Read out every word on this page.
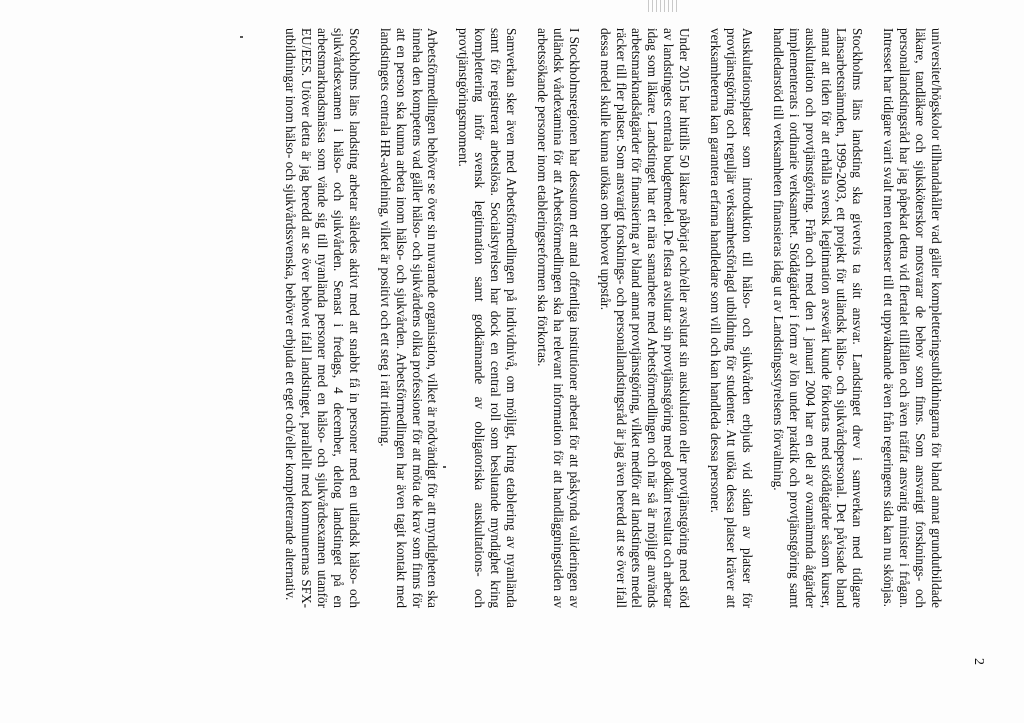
2

universitet/högskolor tillhandahåller vad gäller kompletteringsutbildningarna för bland annat grundutbildade läkare, tandläkare och sjuksköterskor motsvarar de behov som finns. Som ansvarigt forsknings- och personallandstingsråd har jag påpekat detta vid flertalet tillfällen och även träffat ansvarig minister i frågan. Intresset har tidigare varit svalt men tendenser till ett uppvaknande även från regeringens sida kan nu skönjas.

Stockholms läns landsting ska givetvis ta sitt ansvar. Landstinget drev i samverkan med tidigare Länsarbetsnämnden, 1999-2003, ett projekt för utländsk hälso- och sjukvårdspersonal. Det påvisade bland annat att tiden för att erhålla svensk legitimation avsevärt kunde förkortas med stödåtgärder såsom kurser, auskultation och provtjänstgöring. Från och med den 1 januari 2004 har en del av ovannämnda åtgärder implementerats i ordinarie verksamhet. Stödåtgärder i form av lön under praktik och provtjänstgöring samt handledarstöd till verksamheten finansieras idag ut av Landstingsstyrelsens förvaltning.

Auskultationsplatser som introduktion till hälso- och sjukvården erbjuds vid sidan av platser för provtjänstgöring och reguljär verksamhetsförlagd utbildning för studenter. Att utöka dessa platser kräver att verksamheterna kan garantera erfarna handledare som vill och kan handleda dessa personer.

Under 2015 har hittills 50 läkare påbörjat och/eller avslutat sin auskultation eller provtjänstgöring med stöd av landstingets centrala budgetmedel. De flesta avslutar sin provtjänstgöring med godkänt resultat och arbetar idag som läkare. Landstinget har ett nära samarbete med Arbetsförmedlingen och när så är möjligt används arbetsmarknadsåtgärder för finansiering av bland annat provtjänstgöring, vilket medför att landstingets medel räcker till fler platser. Som ansvarigt forsknings- och personallandstingsråd är jag även beredd att se över ifall dessa medel skulle kunna utökas om behovet uppstår.

I Stockholmsregionen har dessutom ett antal offentliga institutioner arbetat för att påskynda valideringen av utländsk vårdexamina för att Arbetsförmedlingen ska ha relevant information för att handläggningstiden av arbetssökande personer inom etableringsreformen ska förkortas.

Samverkan sker även med Arbetsförmedlingen på individnivå, om möjligt, kring etablering av nyanlända samt för registrerat arbetslösa. Socialstyrelsen har dock en central roll som beslutande myndighet kring komplettering inför svensk legitimation samt godkännande av obligatoriska auskultations- och provtjänstgöringsmoment.

Arbetsförmedlingen behöver se över sin nuvarande organisation, vilket är nödvändigt för att myndigheten ska inneha den kompetens vad gäller hälso- och sjukvårdens olika professioner för att möta de krav som finns för att en person ska kunna arbeta inom hälso- och sjukvården. Arbetsförmedlingen har även tagit kontakt med landstingets centrala HR-avdelning, vilket är positivt och ett steg i rätt riktning.

Stockholms läns landsting arbetar således aktivt med att snabbt få in personer med en utländsk hälso- och sjukvårdsexamen i hälso- och sjukvården. Senast i fredags, 4 december, deltog landstinget på en arbetsmarknadsmässa som vände sig till nyanlända personer med en hälso- och sjukvårdsexamen utanför EU/EES. Utöver detta är jag beredd att se över behovet ifall landstinget, parallellt med kommunernas SFX-utbildningar inom hälso- och sjukvårdssvenska, behöver erbjuda ett eget och/eller kompletterande alternativ.
